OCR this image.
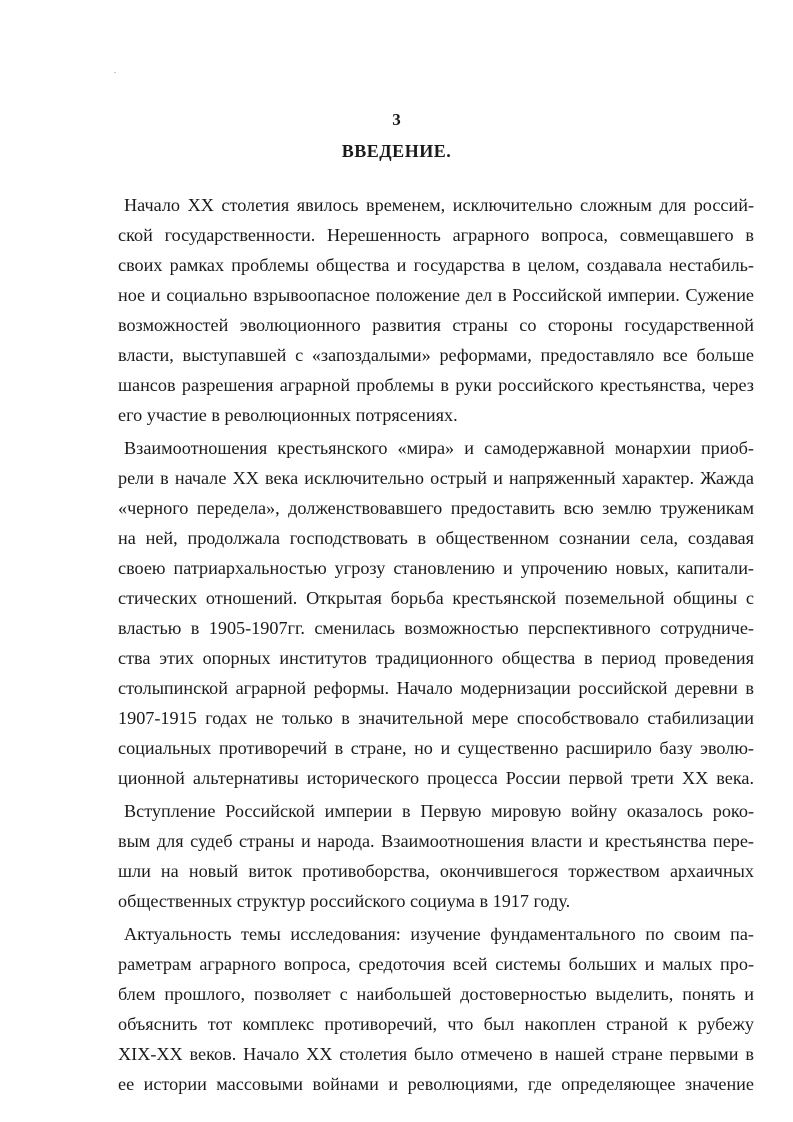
3
ВВЕДЕНИЕ.
Начало XX столетия явилось временем, исключительно сложным для россий-
ской государственности. Нерешенность аграрного вопроса, совмещавшего в
своих рамках проблемы общества и государства в целом, создавала нестабиль-
ное и социально взрывоопасное положение дел в Российской империи. Сужение
возможностей эволюционного развития страны со стороны государственной
власти, выступавшей с «запоздалыми» реформами, предоставляло все больше
шансов разрешения аграрной проблемы в руки российского крестьянства, через
его участие в революционных потрясениях.
Взаимоотношения крестьянского «мира» и самодержавной монархии приоб-
рели в начале XX века исключительно острый и напряженный характер. Жажда
«черного передела», долженствовавшего предоставить всю землю труженикам
на ней, продолжала господствовать в общественном сознании села, создавая
своею патриархальностью угрозу становлению и упрочению новых, капитали-
стических отношений. Открытая борьба крестьянской поземельной общины с
властью в 1905-1907гг. сменилась возможностью перспективного сотрудниче-
ства этих опорных институтов традиционного общества в период проведения
столыпинской аграрной реформы. Начало модернизации российской деревни в
1907-1915 годах не только в значительной мере способствовало стабилизации
социальных противоречий в стране, но и существенно расширило базу эволю-
ционной альтернативы исторического процесса России первой трети XX века.
Вступление Российской империи в Первую мировую войну оказалось роко-
вым для судеб страны и народа. Взаимоотношения власти и крестьянства пере-
шли на новый виток противоборства, окончившегося торжеством архаичных
общественных структур российского социума в 1917 году.
Актуальность темы исследования: изучение фундаментального по своим па-
раметрам аграрного вопроса, средоточия всей системы больших и малых про-
блем прошлого, позволяет с наибольшей достоверностью выделить, понять и
объяснить тот комплекс противоречий, что был накоплен страной к рубежу
XIX-XX веков. Начало XX столетия было отмечено в нашей стране первыми в
ее истории массовыми войнами и революциями, где определяющее значение
